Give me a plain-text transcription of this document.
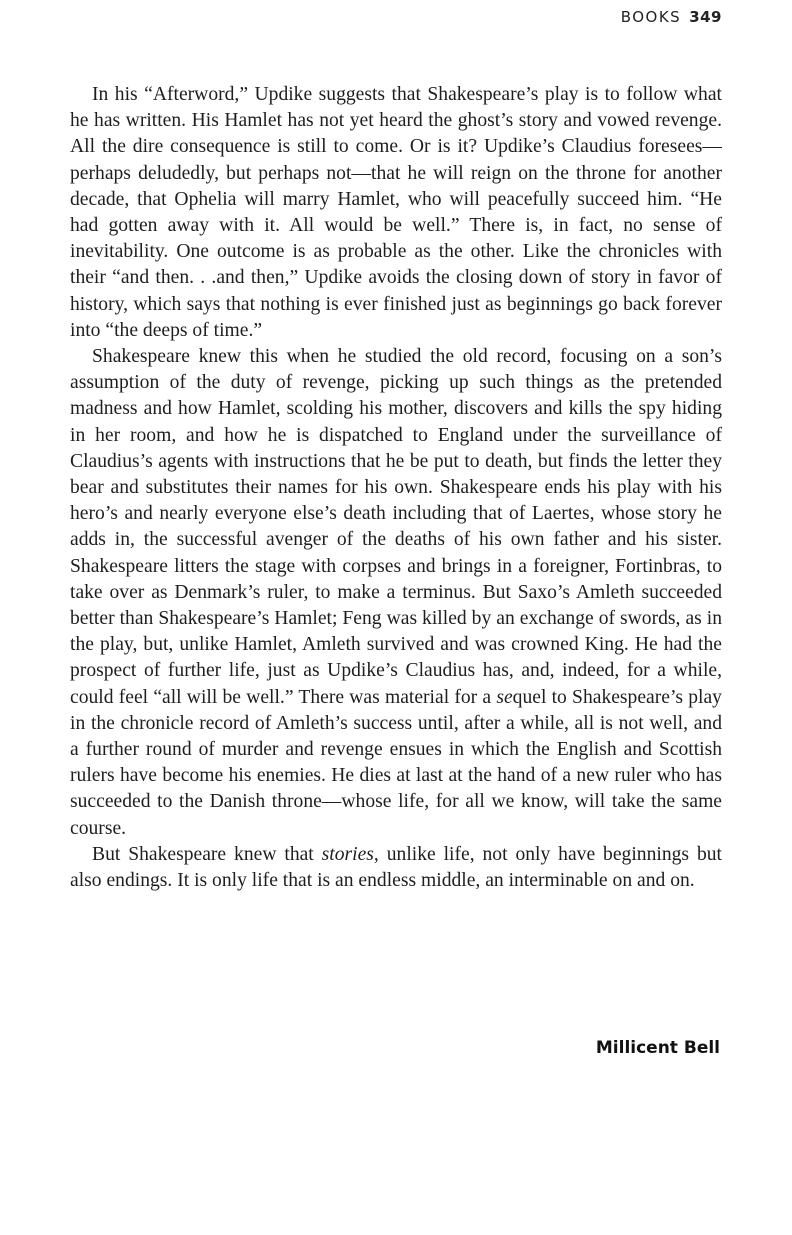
BOOKS 349

In his “Afterword,” Updike suggests that Shakespeare’s play is to follow what he has written. His Hamlet has not yet heard the ghost’s story and vowed revenge. All the dire consequence is still to come. Or is it? Updike’s Claudius foresees—perhaps deludedly, but perhaps not—that he will reign on the throne for another decade, that Ophelia will marry Hamlet, who will peacefully succeed him. “He had gotten away with it. All would be well.” There is, in fact, no sense of inevitability. One outcome is as probable as the other. Like the chronicles with their “and then. . .and then,” Updike avoids the closing down of story in favor of history, which says that nothing is ever finished just as beginnings go back forever into “the deeps of time.”

Shakespeare knew this when he studied the old record, focusing on a son’s assumption of the duty of revenge, picking up such things as the pretended madness and how Hamlet, scolding his mother, discovers and kills the spy hiding in her room, and how he is dispatched to England under the surveillance of Claudius’s agents with instructions that he be put to death, but finds the letter they bear and substitutes their names for his own. Shakespeare ends his play with his hero’s and nearly everyone else’s death including that of Laertes, whose story he adds in, the successful avenger of the deaths of his own father and his sister. Shakespeare litters the stage with corpses and brings in a foreigner, Fortinbras, to take over as Denmark’s ruler, to make a terminus. But Saxo’s Amleth succeeded better than Shakespeare’s Hamlet; Feng was killed by an exchange of swords, as in the play, but, unlike Hamlet, Amleth survived and was crowned King. He had the prospect of further life, just as Updike’s Claudius has, and, indeed, for a while, could feel “all will be well.” There was material for a sequel to Shakespeare’s play in the chronicle record of Amleth’s success until, after a while, all is not well, and a further round of murder and revenge ensues in which the English and Scottish rulers have become his enemies. He dies at last at the hand of a new ruler who has succeeded to the Danish throne—whose life, for all we know, will take the same course.

But Shakespeare knew that stories, unlike life, not only have beginnings but also endings. It is only life that is an endless middle, an interminable on and on.

Millicent Bell
